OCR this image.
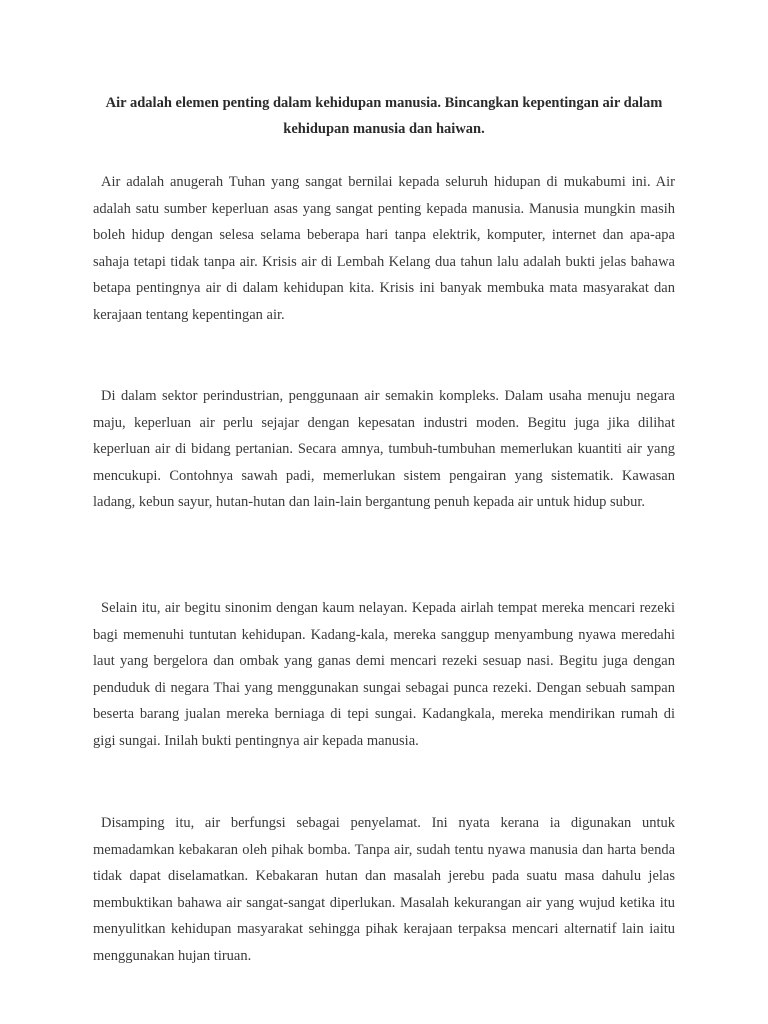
Air adalah elemen penting dalam kehidupan manusia. Bincangkan kepentingan air dalam kehidupan manusia dan haiwan.

Air adalah anugerah Tuhan yang sangat bernilai kepada seluruh hidupan di mukabumi ini. Air adalah satu sumber keperluan asas yang sangat penting kepada manusia. Manusia mungkin masih boleh hidup dengan selesa selama beberapa hari tanpa elektrik, komputer, internet dan apa-apa sahaja tetapi tidak tanpa air. Krisis air di Lembah Kelang dua tahun lalu adalah bukti jelas bahawa betapa pentingnya air di dalam kehidupan kita. Krisis ini banyak membuka mata masyarakat dan kerajaan tentang kepentingan air.

Di dalam sektor perindustrian, penggunaan air semakin kompleks. Dalam usaha menuju negara maju, keperluan air perlu sejajar dengan kepesatan industri moden. Begitu juga jika dilihat keperluan air di bidang pertanian. Secara amnya, tumbuh-tumbuhan memerlukan kuantiti air yang mencukupi. Contohnya sawah padi, memerlukan sistem pengairan yang sistematik. Kawasan ladang, kebun sayur, hutan-hutan dan lain-lain bergantung penuh kepada air untuk hidup subur.

Selain itu, air begitu sinonim dengan kaum nelayan. Kepada airlah tempat mereka mencari rezeki bagi memenuhi tuntutan kehidupan. Kadang-kala, mereka sanggup menyambung nyawa meredahi laut yang bergelora dan ombak yang ganas demi mencari rezeki sesuap nasi. Begitu juga dengan penduduk di negara Thai yang menggunakan sungai sebagai punca rezeki. Dengan sebuah sampan beserta barang jualan mereka berniaga di tepi sungai. Kadangkala, mereka mendirikan rumah di gigi sungai. Inilah bukti pentingnya air kepada manusia.

Disamping itu, air berfungsi sebagai penyelamat. Ini nyata kerana ia digunakan untuk memadamkan kebakaran oleh pihak bomba. Tanpa air, sudah tentu nyawa manusia dan harta benda tidak dapat diselamatkan. Kebakaran hutan dan masalah jerebu pada suatu masa dahulu jelas membuktikan bahawa air sangat-sangat diperlukan. Masalah kekurangan air yang wujud ketika itu menyulitkan kehidupan masyarakat sehingga pihak kerajaan terpaksa mencari alternatif lain iaitu menggunakan hujan tiruan.
